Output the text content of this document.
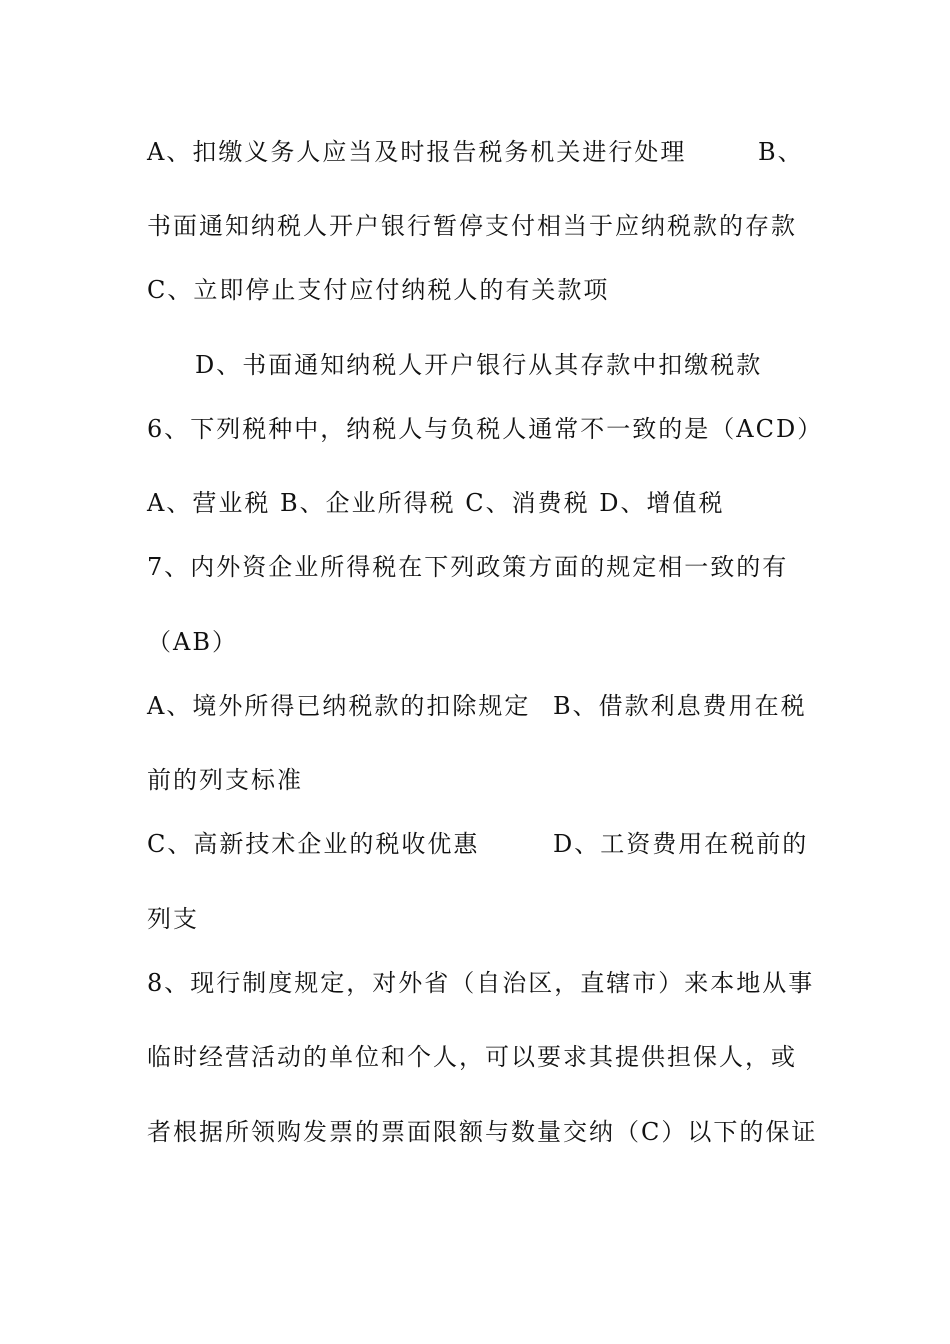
A、扣缴义务人应当及时报告税务机关进行处理	B、

书面通知纳税人开户银行暂停支付相当于应纳税款的存款

C、立即停止支付应付纳税人的有关款项

D、书面通知纳税人开户银行从其存款中扣缴税款

6、下列税种中，纳税人与负税人通常不一致的是（ACD）

A、营业税 B、企业所得税 C、消费税 D、增值税

7、内外资企业所得税在下列政策方面的规定相一致的有

（AB）

A、境外所得已纳税款的扣除规定 B、借款利息费用在税

前的列支标准

C、高新技术企业的税收优惠	D、工资费用在税前的

列支

8、现行制度规定，对外省（自治区，直辖市）来本地从事

临时经营活动的单位和个人，可以要求其提供担保人，或

者根据所领购发票的票面限额与数量交纳（C）以下的保证
